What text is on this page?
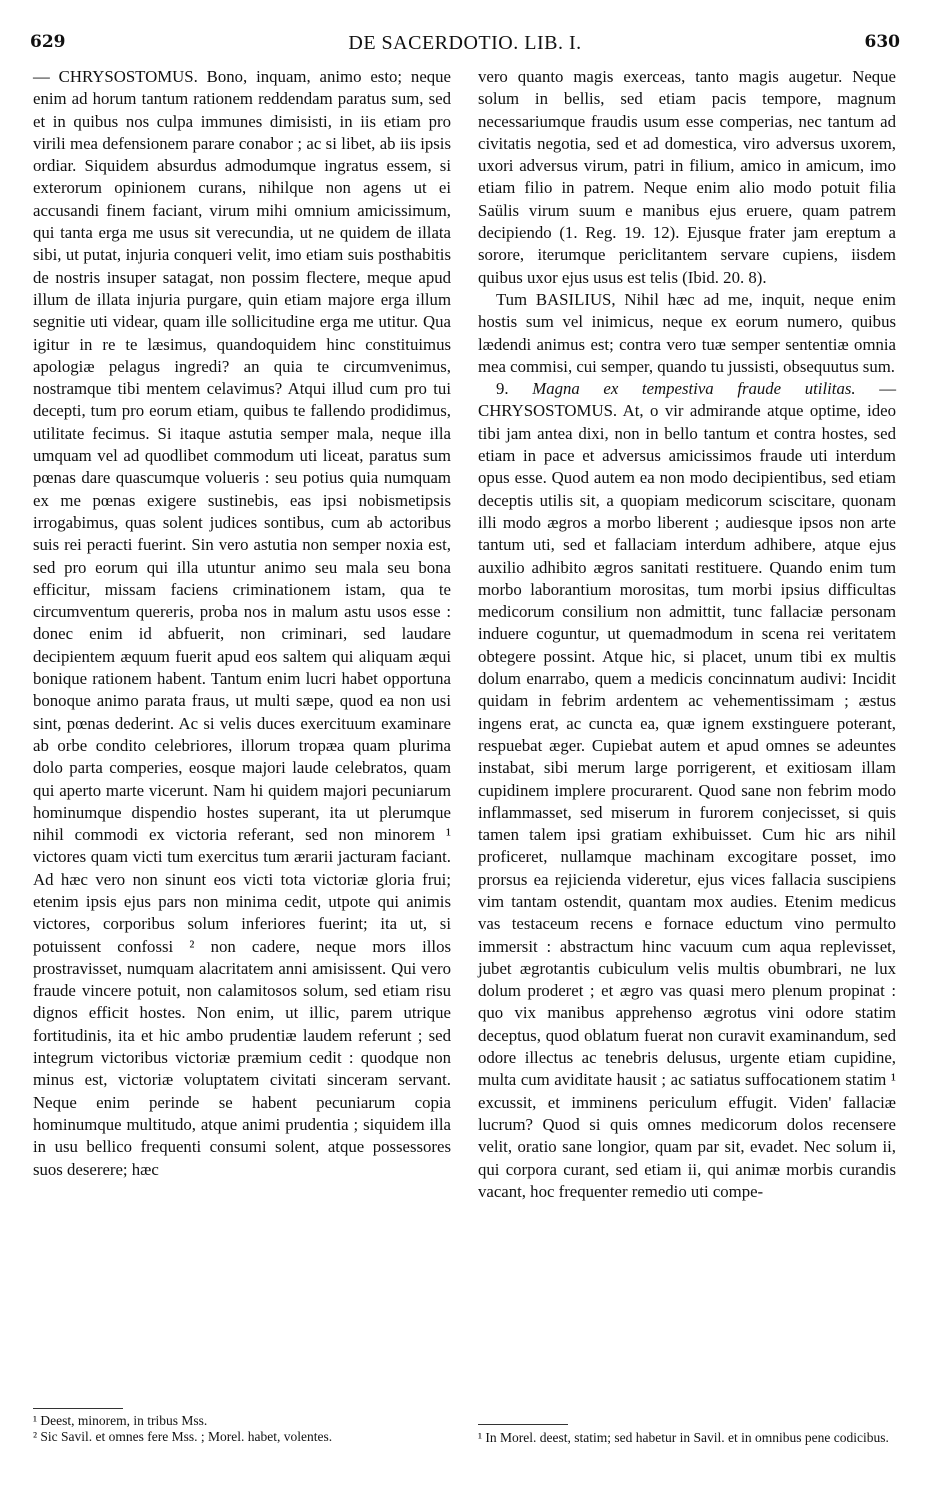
629	DE SACERDOTIO. LIB. I.	630

— CHRYSOSTOMUS. Bono, inquam, animo esto; neque enim ad horum tantum rationem reddendam paratus sum, sed et in quibus nos culpa immunes dimisisti, in iis etiam pro virili mea defensionem parare conabor ; ac si libet, ab iis ipsis ordiar. Siquidem absurdus admodumque ingratus essem, si exterorum opinionem curans, nihilque non agens ut ei accusandi finem faciant, virum mihi omnium amicissimum, qui tanta erga me usus sit verecundia, ut ne quidem de illata sibi, ut putat, injuria conqueri velit, imo etiam suis posthabitis de nostris insuper satagat, non possim flectere, meque apud illum de illata injuria purgare, quin etiam majore erga illum segnitie uti videar, quam ille sollicitudine erga me utitur. Qua igitur in re te læsimus, quandoquidem hinc constituimus apologiæ pelagus ingredi? an quia te circumvenimus, nostramque tibi mentem celavimus? Atqui illud cum pro tui decepti, tum pro eorum etiam, quibus te fallendo prodidimus, utilitate fecimus. Si itaque astutia semper mala, neque illa umquam vel ad quodlibet commodum uti liceat, paratus sum pœnas dare quascumque volueris : seu potius quia numquam ex me pœnas exigere sustinebis, eas ipsi nobismetipsis irrogabimus, quas solent judices sontibus, cum ab actoribus suis rei peracti fuerint. Sin vero astutia non semper noxia est, sed pro eorum qui illa utuntur animo seu mala seu bona efficitur, missam faciens criminationem istam, qua te circumventum quereris, proba nos in malum astu usos esse : donec enim id abfuerit, non criminari, sed laudare decipientem æquum fuerit apud eos saltem qui aliquam æqui bonique rationem habent. Tantum enim lucri habet opportuna bonoque animo parata fraus, ut multi sæpe, quod ea non usi sint, pœnas dederint. Ac si velis duces exercituum examinare ab orbe condito celebriores, illorum tropæa quam plurima dolo parta comperies, eosque majori laude celebratos, quam qui aperto marte vicerunt. Nam hi quidem majori pecuniarum hominumque dispendio hostes superant, ita ut plerumque nihil commodi ex victoria referant, sed non minorem ¹ victores quam victi tum exercitus tum ærarii jacturam faciant. Ad hæc vero non sinunt eos victi tota victoriæ gloria frui; etenim ipsis ejus pars non minima cedit, utpote qui animis victores, corporibus solum inferiores fuerint; ita ut, si potuissent confossi ² non cadere, neque mors illos prostravisset, numquam alacritatem anni amisissent. Qui vero fraude vincere potuit, non calamitosos solum, sed etiam risu dignos efficit hostes. Non enim, ut illic, parem utrique fortitudinis, ita et hic ambo prudentiæ laudem referunt ; sed integrum victoribus victoriæ præmium cedit : quodque non minus est, victoriæ voluptatem civitati sinceram servant. Neque enim perinde se habent pecuniarum copia hominumque multitudo, atque animi prudentia ; siquidem illa in usu bellico frequenti consumi solent, atque possessores suos deserere; hæc

vero quanto magis exerceas, tanto magis augetur. Neque solum in bellis, sed etiam pacis tempore, magnum necessariumque fraudis usum esse comperias, nec tantum ad civitatis negotia, sed et ad domestica, viro adversus uxorem, uxori adversus virum, patri in filium, amico in amicum, imo etiam filio in patrem. Neque enim alio modo potuit filia Saülis virum suum e manibus ejus eruere, quam patrem decipiendo (1. Reg. 19. 12). Ejusque frater jam ereptum a sorore, iterumque periclitantem servare cupiens, iisdem quibus uxor ejus usus est telis (Ibid. 20. 8).

Tum BASILIUS, Nihil hæc ad me, inquit, neque enim hostis sum vel inimicus, neque ex eorum numero, quibus lædendi animus est; contra vero tuæ semper sententiæ omnia mea commisi, cui semper, quando tu jussisti, obsequutus sum.

9. Magna ex tempestiva fraude utilitas. — CHRYSOSTOMUS. At, o vir admirande atque optime, ideo tibi jam antea dixi, non in bello tantum et contra hostes, sed etiam in pace et adversus amicissimos fraude uti interdum opus esse. Quod autem ea non modo decipientibus, sed etiam deceptis utilis sit, a quopiam medicorum sciscitare, quonam illi modo ægros a morbo liberent ; audiesque ipsos non arte tantum uti, sed et fallaciam interdum adhibere, atque ejus auxilio adhibito ægros sanitati restituere. Quando enim tum morbo laborantium morositas, tum morbi ipsius difficultas medicorum consilium non admittit, tunc fallaciæ personam induere coguntur, ut quemadmodum in scena rei veritatem obtegere possint. Atque hic, si placet, unum tibi ex multis dolum enarrabo, quem a medicis concinnatum audivi: Incidit quidam in febrim ardentem ac vehementissimam ; æstus ingens erat, ac cuncta ea, quæ ignem exstinguere poterant, respuebat æger. Cupiebat autem et apud omnes se adeuntes instabat, sibi merum large porrigerent, et exitiosam illam cupidinem implere procurarent. Quod sane non febrim modo inflammasset, sed miserum in furorem conjecisset, si quis tamen talem ipsi gratiam exhibuisset. Cum hic ars nihil proficeret, nullamque machinam excogitare posset, imo prorsus ea rejicienda videretur, ejus vices fallacia suscipiens vim tantam ostendit, quantam mox audies. Etenim medicus vas testaceum recens e fornace eductum vino permulto immersit : abstractum hinc vacuum cum aqua replevisset, jubet ægrotantis cubiculum velis multis obumbrari, ne lux dolum proderet ; et ægro vas quasi mero plenum propinat : quo vix manibus apprehenso ægrotus vini odore statim deceptus, quod oblatum fuerat non curavit examinandum, sed odore illectus ac tenebris delusus, urgente etiam cupidine, multa cum aviditate hausit ; ac satiatus suffocationem statim ¹ excussit, et imminens periculum effugit. Viden' fallaciæ lucrum? Quod si quis omnes medicorum dolos recensere velit, oratio sane longior, quam par sit, evadet. Nec solum ii, qui corpora curant, sed etiam ii, qui animæ morbis curandis vacant, hoc frequenter remedio uti compe-

¹ Deest, minorem, in tribus Mss.
² Sic Savil. et omnes fere Mss. ; Morel. habet, volentes.	¹ In Morel. deest, statim; sed habetur in Savil. et in omnibus pene codicibus.
